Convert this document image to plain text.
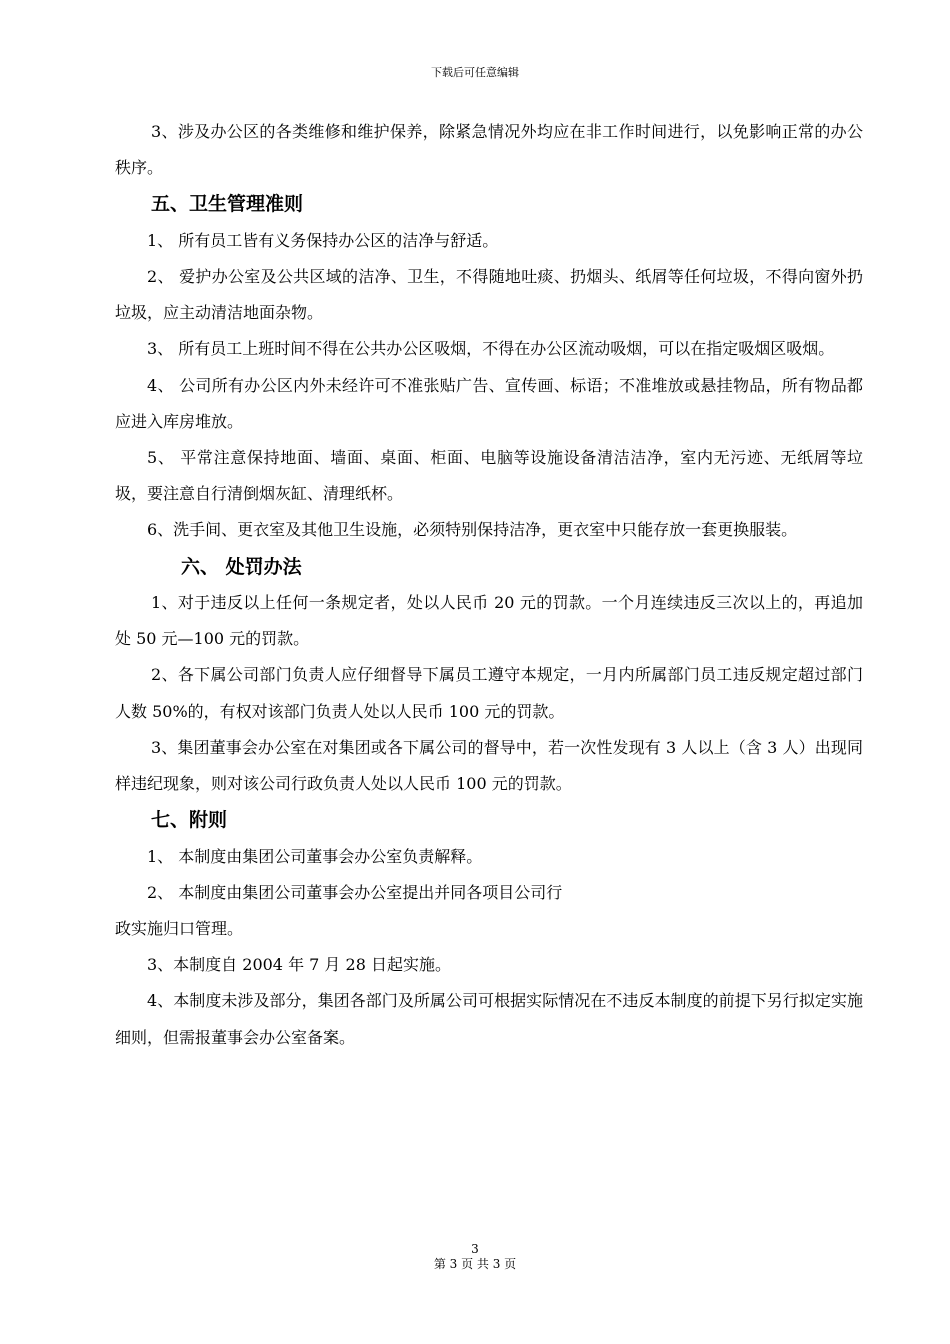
下载后可任意编辑

3、涉及办公区的各类维修和维护保养，除紧急情况外均应在非工作时间进行，以免影响正常的办公秩序。

五、卫生管理准则

1、 所有员工皆有义务保持办公区的洁净与舒适。

2、 爱护办公室及公共区域的洁净、卫生，不得随地吐痰、扔烟头、纸屑等任何垃圾，不得向窗外扔垃圾，应主动清洁地面杂物。

3、 所有员工上班时间不得在公共办公区吸烟，不得在办公区流动吸烟，可以在指定吸烟区吸烟。

4、 公司所有办公区内外未经许可不准张贴广告、宣传画、标语；不准堆放或悬挂物品，所有物品都应进入库房堆放。

5、 平常注意保持地面、墙面、桌面、柜面、电脑等设施设备清洁洁净，室内无污迹、无纸屑等垃圾，要注意自行清倒烟灰缸、清理纸杯。

6、洗手间、更衣室及其他卫生设施，必须特别保持洁净，更衣室中只能存放一套更换服装。

六、 处罚办法

1、对于违反以上任何一条规定者，处以人民币 20 元的罚款。一个月连续违反三次以上的，再追加处 50 元—100 元的罚款。

2、各下属公司部门负责人应仔细督导下属员工遵守本规定，一月内所属部门员工违反规定超过部门人数 50%的，有权对该部门负责人处以人民币 100 元的罚款。

3、集团董事会办公室在对集团或各下属公司的督导中，若一次性发现有 3 人以上（含 3 人）出现同样违纪现象，则对该公司行政负责人处以人民币 100 元的罚款。

七、附则

1、 本制度由集团公司董事会办公室负责解释。

2、 本制度由集团公司董事会办公室提出并同各项目公司行

政实施归口管理。

3、本制度自 2004 年 7 月 28 日起实施。

4、本制度未涉及部分，集团各部门及所属公司可根据实际情况在不违反本制度的前提下另行拟定实施细则，但需报董事会办公室备案。

3
第 3 页 共 3 页
